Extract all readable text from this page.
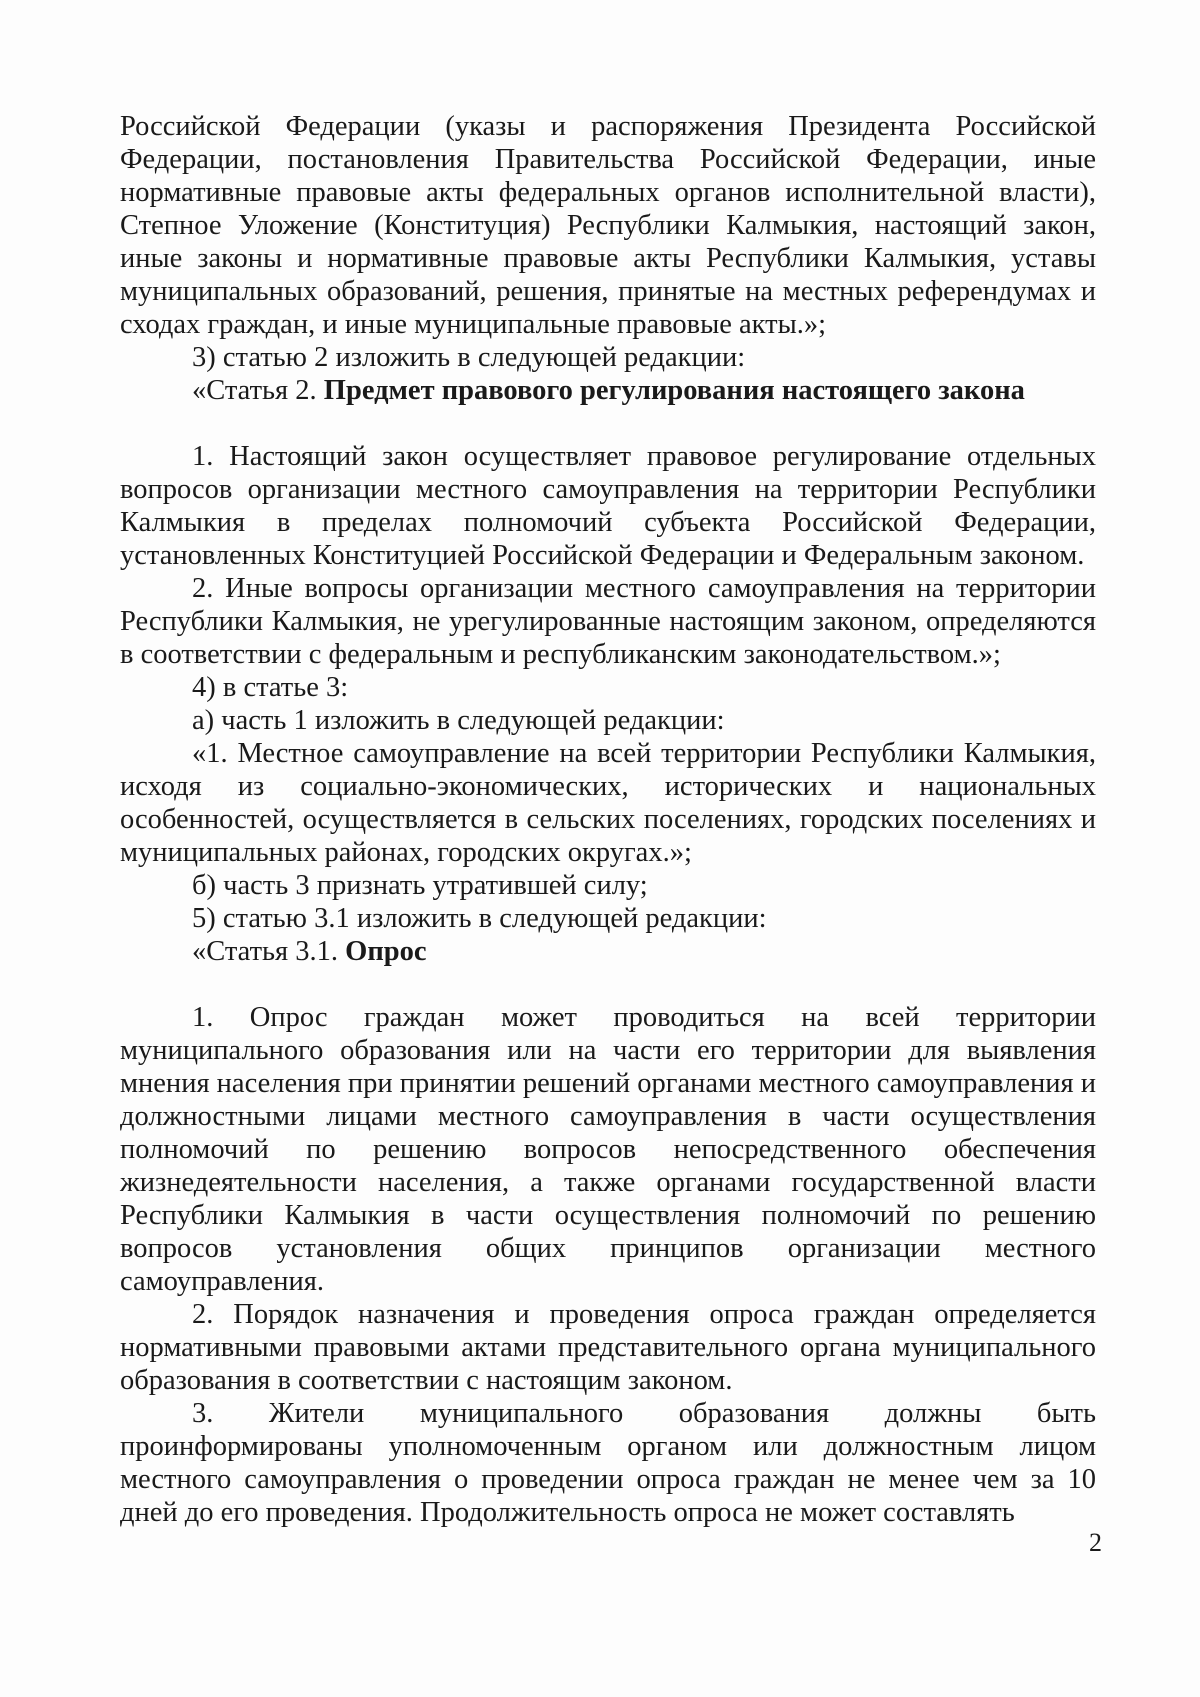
Российской Федерации (указы и распоряжения Президента Российской Федерации, постановления Правительства Российской Федерации, иные нормативные правовые акты федеральных органов исполнительной власти), Степное Уложение (Конституция) Республики Калмыкия, настоящий закон, иные законы и нормативные правовые акты Республики Калмыкия, уставы муниципальных образований, решения, принятые на местных референдумах и сходах граждан, и иные муниципальные правовые акты.»;

3) статью 2 изложить в следующей редакции:

«Статья 2. Предмет правового регулирования настоящего закона

1. Настоящий закон осуществляет правовое регулирование отдельных вопросов организации местного самоуправления на территории Республики Калмыкия в пределах полномочий субъекта Российской Федерации, установленных Конституцией Российской Федерации и Федеральным законом.

2. Иные вопросы организации местного самоуправления на территории Республики Калмыкия, не урегулированные настоящим законом, определяются в соответствии с федеральным и республиканским законодательством.»;

4) в статье 3:

а) часть 1 изложить в следующей редакции:

«1. Местное самоуправление на всей территории Республики Калмыкия, исходя из социально-экономических, исторических и национальных особенностей, осуществляется в сельских поселениях, городских поселениях и муниципальных районах, городских округах.»;

б) часть 3 признать утратившей силу;

5) статью 3.1 изложить в следующей редакции:

«Статья 3.1. Опрос

1. Опрос граждан может проводиться на всей территории муниципального образования или на части его территории для выявления мнения населения при принятии решений органами местного самоуправления и должностными лицами местного самоуправления в части осуществления полномочий по решению вопросов непосредственного обеспечения жизнедеятельности населения, а также органами государственной власти Республики Калмыкия в части осуществления полномочий по решению вопросов установления общих принципов организации местного самоуправления.

2. Порядок назначения и проведения опроса граждан определяется нормативными правовыми актами представительного органа муниципального образования в соответствии с настоящим законом.

3. Жители муниципального образования должны быть проинформированы уполномоченным органом или должностным лицом местного самоуправления о проведении опроса граждан не менее чем за 10 дней до его проведения. Продолжительность опроса не может составлять

2
